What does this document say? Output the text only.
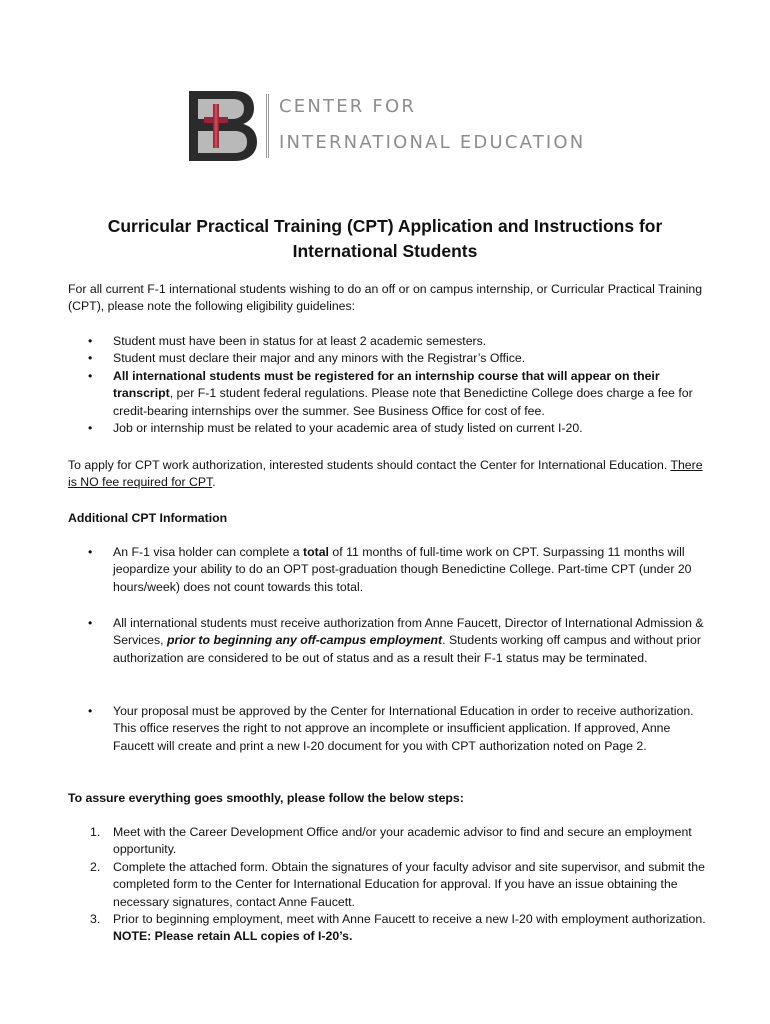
CENTER FOR
INTERNATIONAL EDUCATION
Curricular Practical Training (CPT) Application and Instructions for International Students

For all current F-1 international students wishing to do an off or on campus internship, or Curricular Practical Training (CPT), please note the following eligibility guidelines:

• Student must have been in status for at least 2 academic semesters.
• Student must declare their major and any minors with the Registrar’s Office.
• All international students must be registered for an internship course that will appear on their transcript, per F-1 student federal regulations. Please note that Benedictine College does charge a fee for credit-bearing internships over the summer. See Business Office for cost of fee.
• Job or internship must be related to your academic area of study listed on current I-20.

To apply for CPT work authorization, interested students should contact the Center for International Education. There is NO fee required for CPT.

Additional CPT Information

• An F-1 visa holder can complete a total of 11 months of full-time work on CPT. Surpassing 11 months will jeopardize your ability to do an OPT post-graduation though Benedictine College. Part-time CPT (under 20 hours/week) does not count towards this total.
• All international students must receive authorization from Anne Faucett, Director of International Admission & Services, prior to beginning any off-campus employment. Students working off campus and without prior authorization are considered to be out of status and as a result their F-1 status may be terminated.
• Your proposal must be approved by the Center for International Education in order to receive authorization. This office reserves the right to not approve an incomplete or insufficient application. If approved, Anne Faucett will create and print a new I-20 document for you with CPT authorization noted on Page 2.

To assure everything goes smoothly, please follow the below steps:

1. Meet with the Career Development Office and/or your academic advisor to find and secure an employment opportunity.
2. Complete the attached form. Obtain the signatures of your faculty advisor and site supervisor, and submit the completed form to the Center for International Education for approval. If you have an issue obtaining the necessary signatures, contact Anne Faucett.
3. Prior to beginning employment, meet with Anne Faucett to receive a new I-20 with employment authorization. NOTE: Please retain ALL copies of I-20’s.
